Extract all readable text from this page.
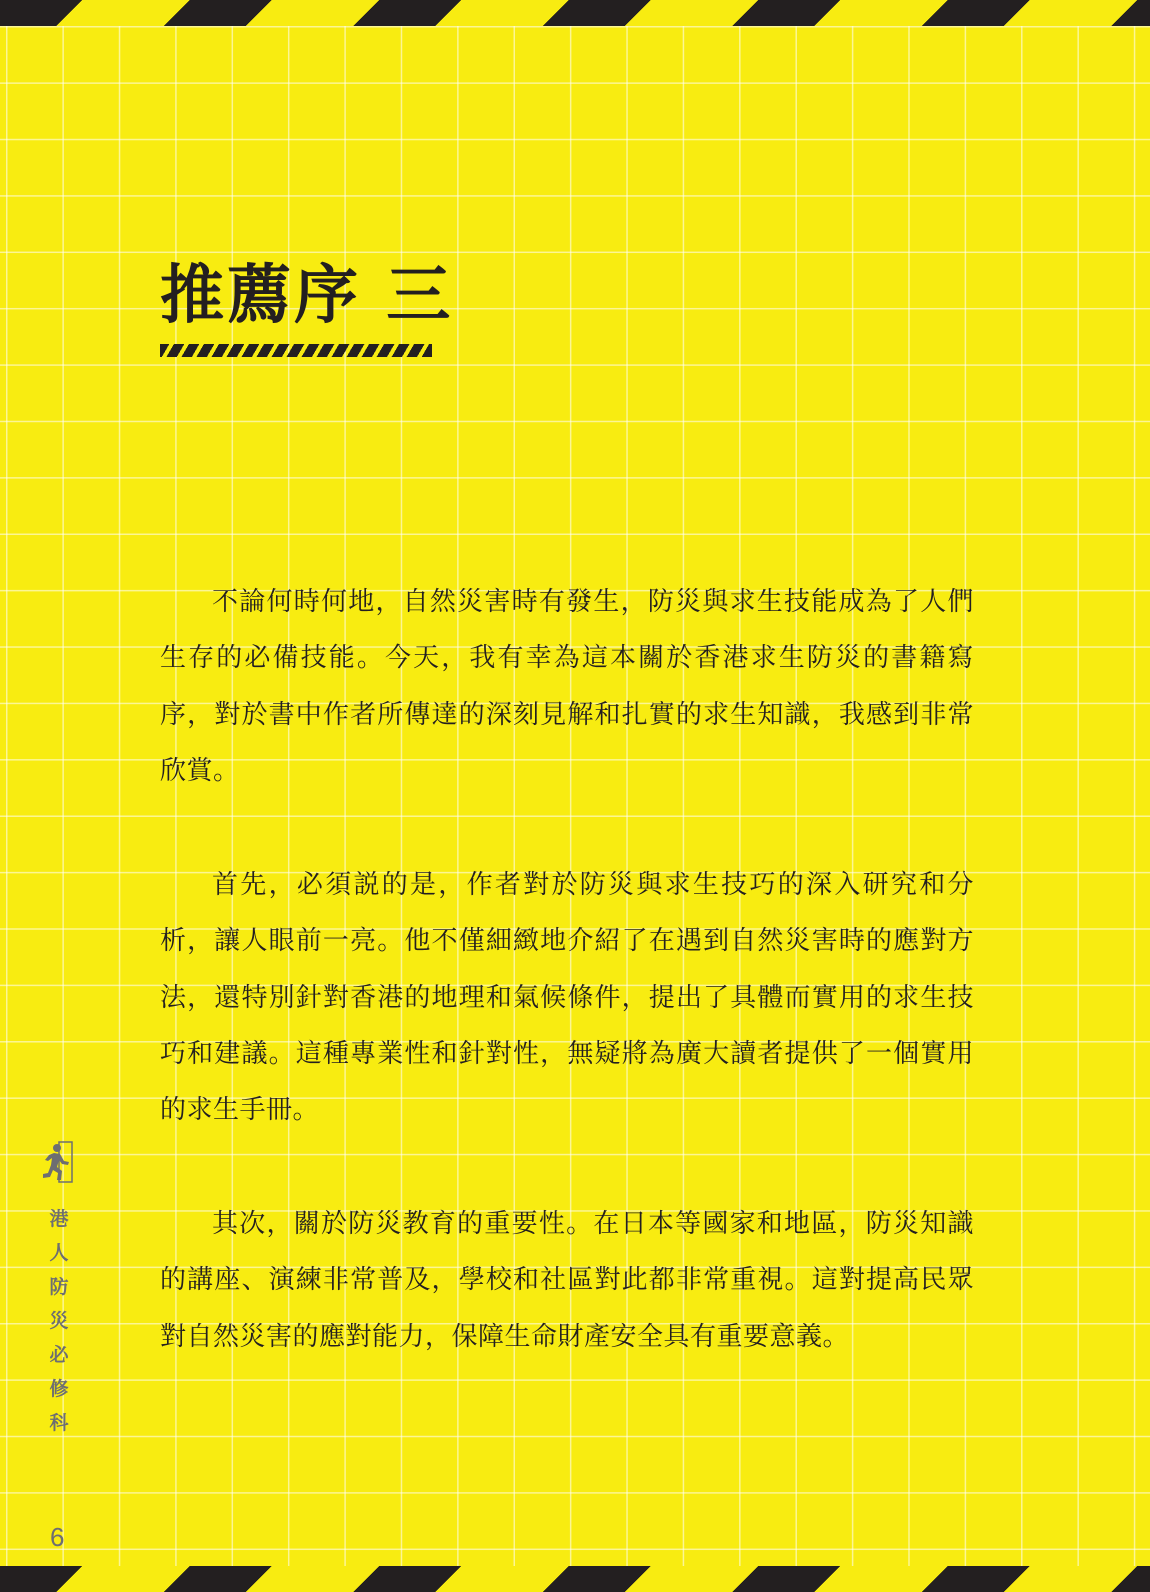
推薦序 三

不論何時何地，自然災害時有發生，防災與求生技能成為了人們生存的必備技能。今天，我有幸為這本關於香港求生防災的書籍寫序，對於書中作者所傳達的深刻見解和扎實的求生知識，我感到非常欣賞。

首先，必須説的是，作者對於防災與求生技巧的深入研究和分析，讓人眼前一亮。他不僅細緻地介紹了在遇到自然災害時的應對方法，還特別針對香港的地理和氣候條件，提出了具體而實用的求生技巧和建議。這種專業性和針對性，無疑將為廣大讀者提供了一個實用的求生手冊。

其次，關於防災教育的重要性。在日本等國家和地區，防災知識的講座、演練非常普及，學校和社區對此都非常重視。這對提高民眾對自然災害的應對能力，保障生命財產安全具有重要意義。

港
人
防
災
必
修
科
6
